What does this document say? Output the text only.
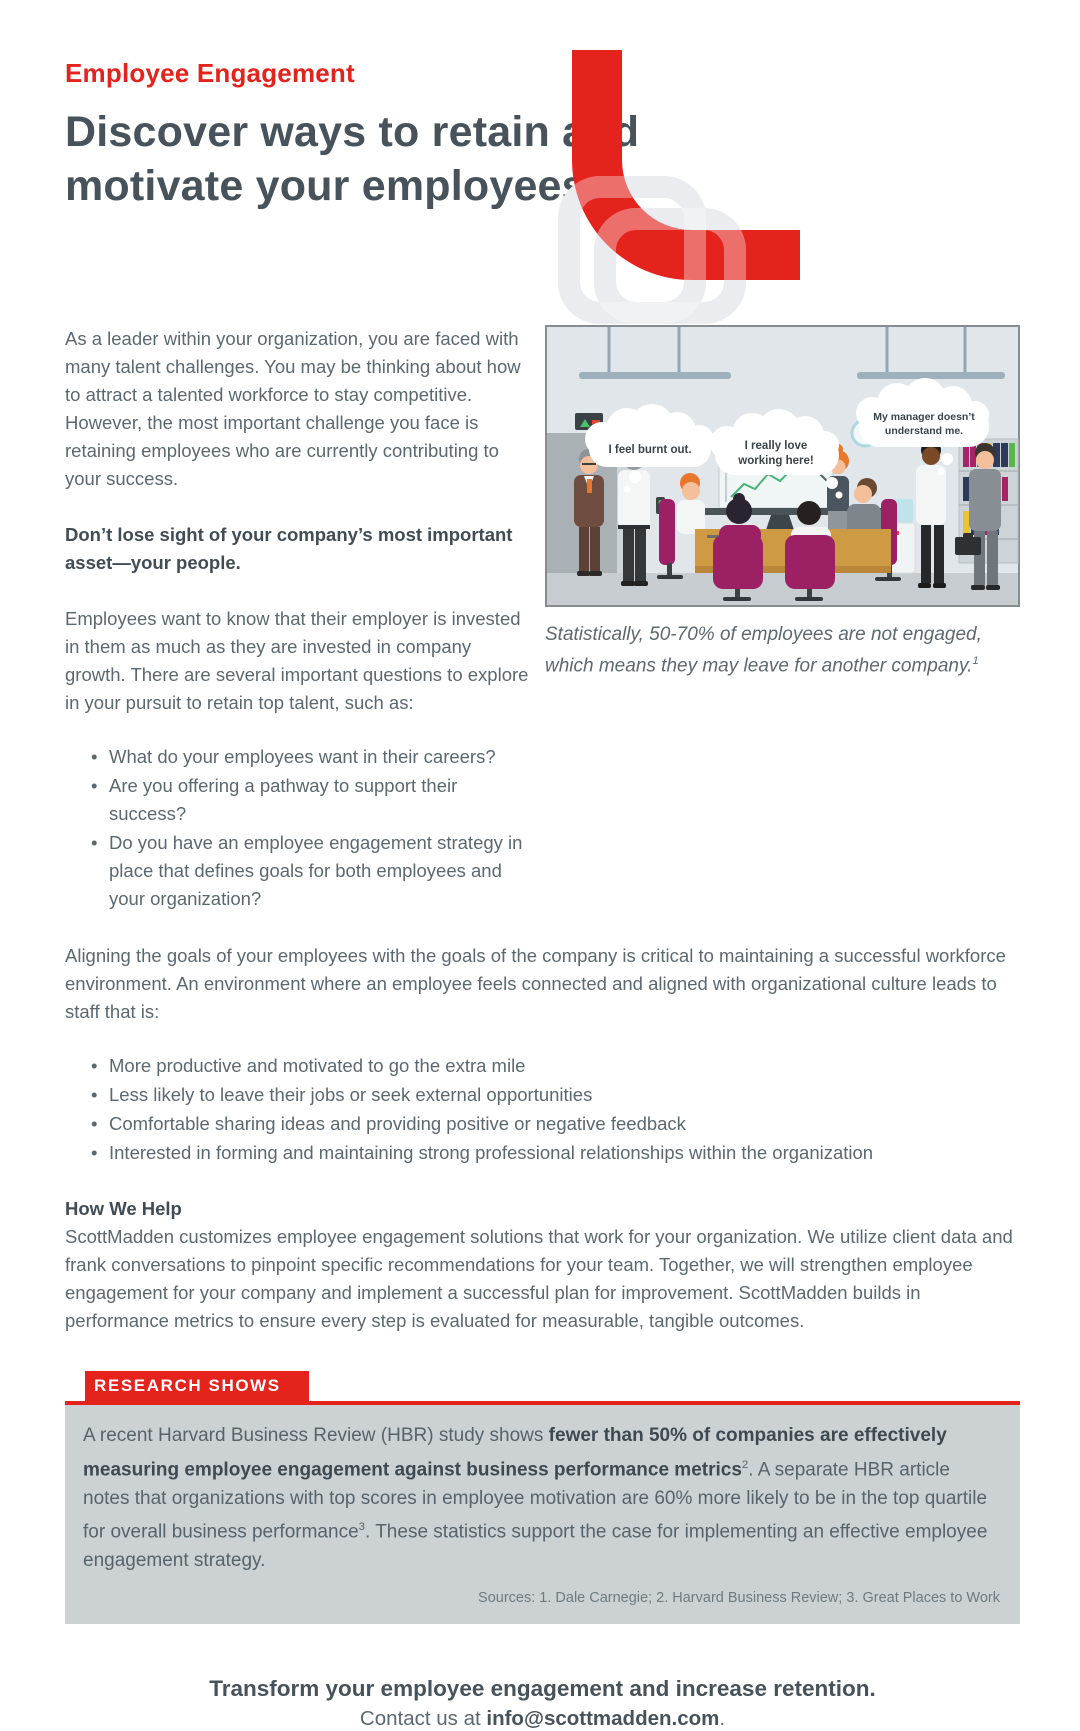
Employee Engagement
Discover ways to retain and motivate your employees

As a leader within your organization, you are faced with many talent challenges. You may be thinking about how to attract a talented workforce to stay competitive. However, the most important challenge you face is retaining employees who are currently contributing to your success.

Don’t lose sight of your company’s most important asset—your people.

Employees want to know that their employer is invested in them as much as they are invested in company growth. There are several important questions to explore in your pursuit to retain top talent, such as:

• What do your employees want in their careers?
• Are you offering a pathway to support their success?
• Do you have an employee engagement strategy in place that defines goals for both employees and your organization?
I feel burnt out.	I really love
working here!
My manager doesn’t
understand me.
Statistically, 50-70% of employees are not engaged, which means they may leave for another company.$^1$

Aligning the goals of your employees with the goals of the company is critical to maintaining a successful workforce environment. An environment where an employee feels connected and aligned with organizational culture leads to staff that is:

• More productive and motivated to go the extra mile
• Less likely to leave their jobs or seek external opportunities
• Comfortable sharing ideas and providing positive or negative feedback
• Interested in forming and maintaining strong professional relationships within the organization
How We Help
ScottMadden customizes employee engagement solutions that work for your organization. We utilize client data and frank conversations to pinpoint specific recommendations for your team. Together, we will strengthen employee engagement for your company and implement a successful plan for improvement. ScottMadden builds in performance metrics to ensure every step is evaluated for measurable, tangible outcomes.
RESEARCH SHOWS
A recent Harvard Business Review (HBR) study shows fewer than 50% of companies are effectively measuring employee engagement against business performance metrics$^2$. A separate HBR article notes that organizations with top scores in employee motivation are 60% more likely to be in the top quartile for overall business performance$^3$. These statistics support the case for implementing an effective employee engagement strategy.
Sources: 1. Dale Carnegie; 2. Harvard Business Review; 3. Great Places to Work
Transform your employee engagement and increase retention.
Contact us at info@scottmadden.com.
